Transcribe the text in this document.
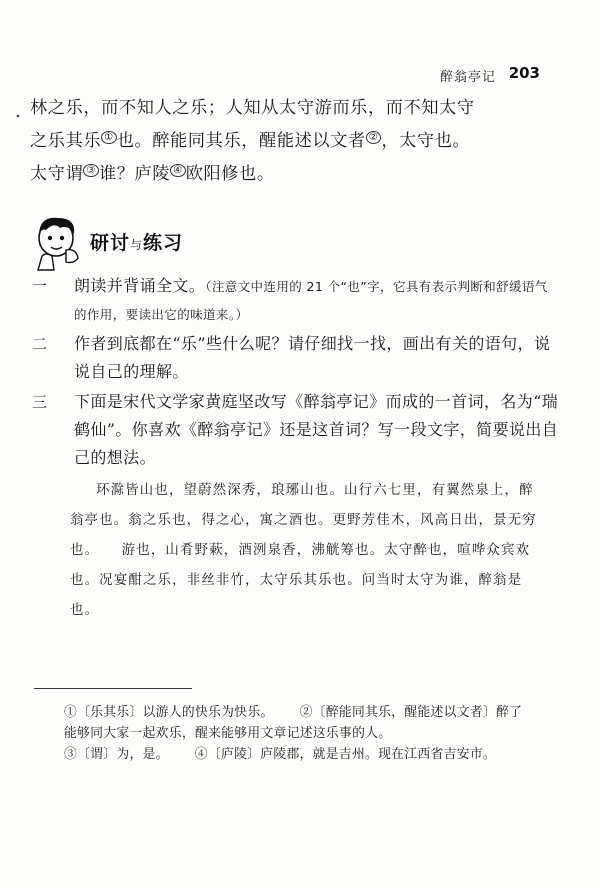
醉翁亭记 203
林之乐，而不知人之乐；人知从太守游而乐，而不知太守
之乐其乐 ① 也。醉能同其乐，醒能述以文者 ② ，太守也。
太守谓 ③ 谁？庐陵 ④ 欧阳修也。
研讨与练习
一 朗读并背诵全文。（注意文中连用的 21 个“也”字，它具有表示判断和舒缓语气的作用，要读出它的味道来。）
二 作者到底都在“乐”些什么呢？请仔细找一找，画出有关的语句，说说自己的理解。
三 下面是宋代文学家黄庭坚改写《醉翁亭记》而成的一首词，名为“瑞鹤仙”。你喜欢《醉翁亭记》还是这首词？写一段文字，简要说出自己的想法。
环滁皆山也，望蔚然深秀，琅琊山也。山行六七里，有翼然泉上，醉翁亭也。翁之乐也，得之心，寓之酒也。更野芳佳木，风高日出，景无穷也。　　游也，山肴野蔌，酒洌泉香，沸觥筹也。太守醉也，喧哗众宾欢也。况宴酣之乐，非丝非竹，太守乐其乐也。问当时太守为谁，醉翁是也。
①〔乐其乐〕以游人的快乐为快乐。 ②〔醉能同其乐，醒能述以文者〕醉了能够同大家一起欢乐，醒来能够用文章记述这乐事的人。
③〔谓〕为，是。 ④〔庐陵〕庐陵郡，就是吉州。现在江西省吉安市。
